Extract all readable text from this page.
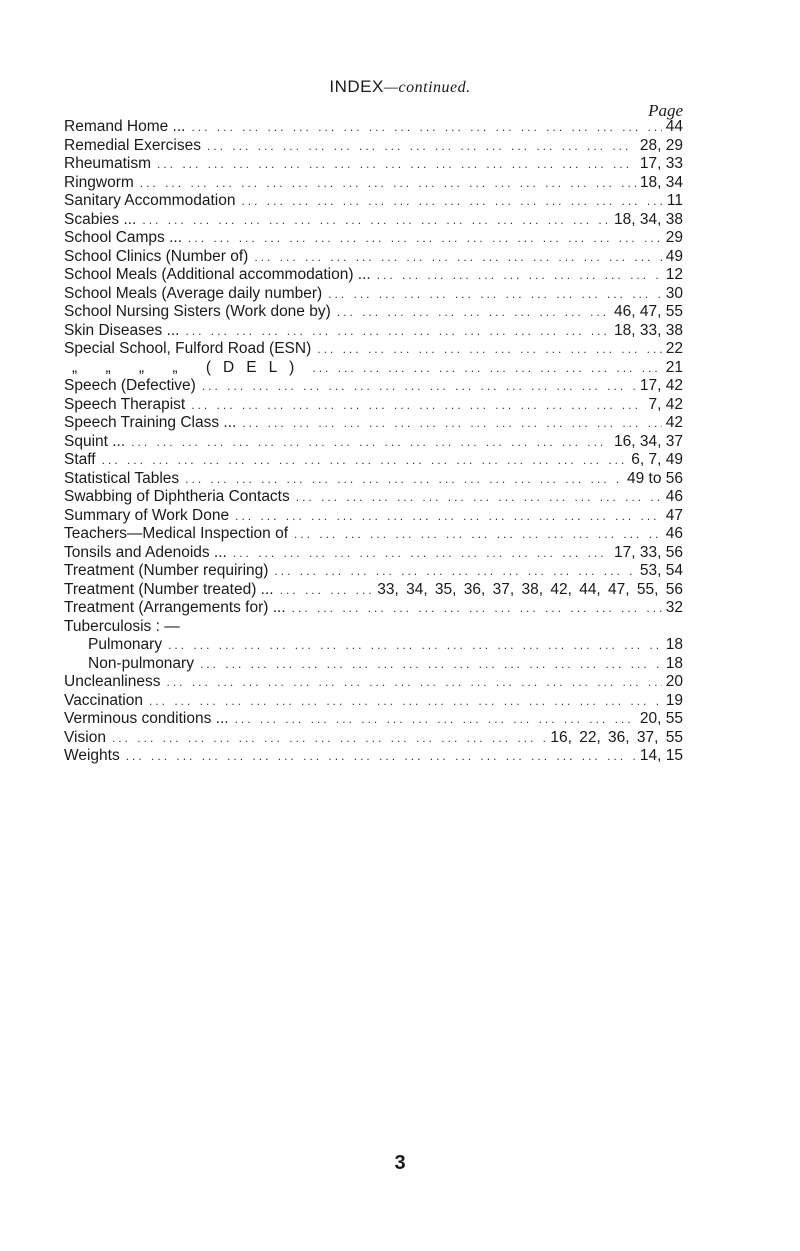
INDEX—continued.
Page
Remand Home ... ... .	44
Remedial Exercises ... .	28, 29
Rheumatism ... .	17, 33
Ringworm ... .	18, 34
Sanitary Accommodation ... .	11
Scabies ... ... .	18, 34, 38
School Camps ... ... .	29
School Clinics (Number of) ... .	49
School Meals (Additional accommodation) ... ... .	12
School Meals (Average daily number) ... .	30
School Nursing Sisters (Work done by) ... .	46, 47, 55
Skin Diseases ... ... .	18, 33, 38
Special School, Fulford Road (ESN) ... .	22
„ „ „ „ (DEL) ... .	21
Speech (Defective) ... .	17, 42
Speech Therapist ... .	7, 42
Speech Training Class ... ... .	42
Squint ... ... .	16, 34, 37
Staff ... .	6, 7, 49
Statistical Tables ... .	49 to 56
Swabbing of Diphtheria Contacts ... .	46
Summary of Work Done ... .	47
Teachers—Medical Inspection of ... .	46
Tonsils and Adenoids ... ... .	17, 33, 56
Treatment (Number requiring) ... .	53, 54
Treatment (Number treated) ... ... .	33, 34, 35, 36, 37, 38, 42, 44, 47, 55, 56
Treatment (Arrangements for) ... ... .	32
Tuberculosis : —
Pulmonary ... .	18
Non-pulmonary ... .	18
Uncleanliness ... .	20
Vaccination ... .	19
Verminous conditions ... ... .	20, 55
Vision ... .	16, 22, 36, 37, 55
Weights ... .	14, 15
3
